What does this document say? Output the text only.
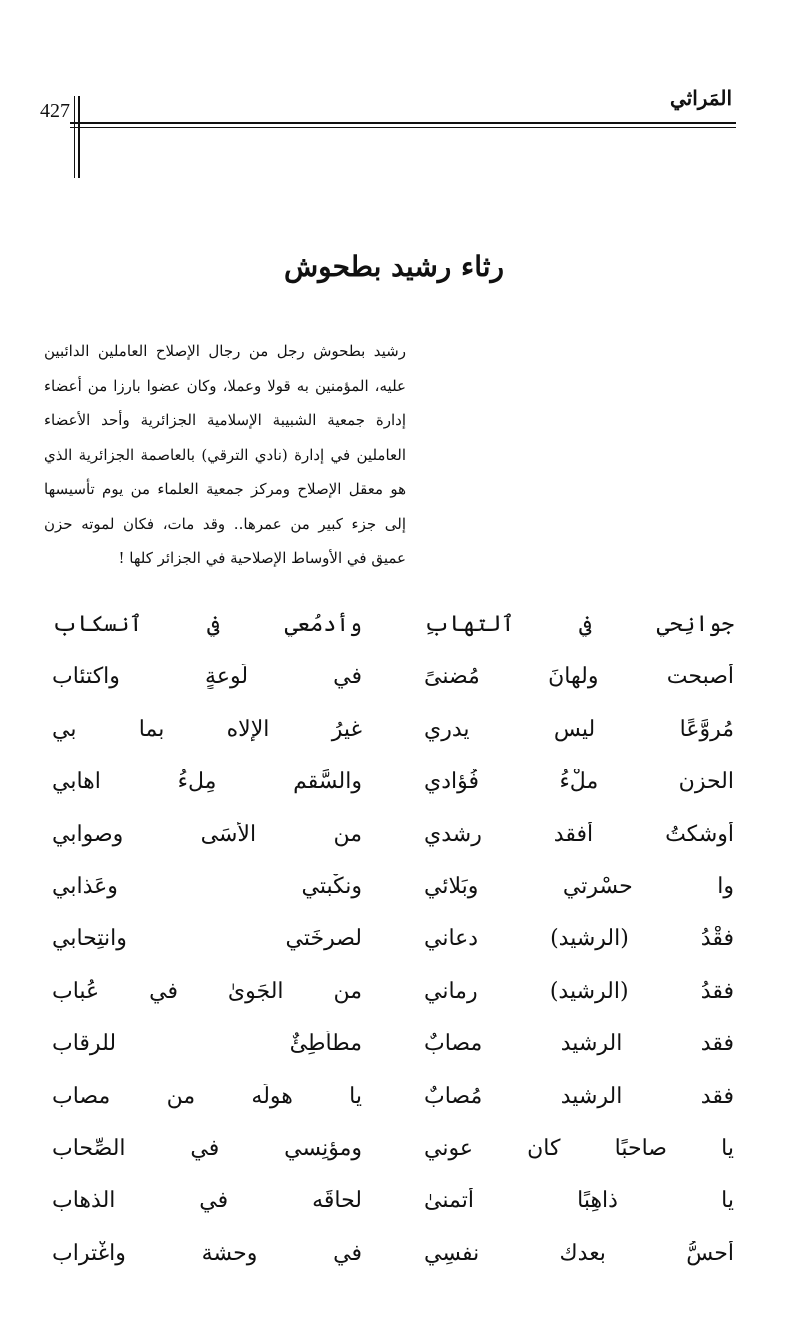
المَراثي
427
رثاء رشيد بطحوش
رشيد بطحوش رجل من رجال الإصلاح العاملين الدائبين
عليه، المؤمنين به قولا وعملا، وكان عضوا بارزا من أعضاء
إدارة جمعية الشبيبة الإسلامية الجزائرية وأحد الأعضاء
العاملين في إدارة (نادي الترقي) بالعاصمة الجزائرية الذي
هو معقل الإصلاح ومركز جمعية العلماء من يوم تأسيسها
إلى جزء كبير من عمرها.. وقد مات، فكان لموته حزن
عميق في الأوساط الإصلاحية في الجزائر كلها !
جوانِحي في ٱلتهابِ
وأدمُعي في ٱنسكاب
أصبحت ولهانَ مُضنىً
في لَوعةٍ واكتئاب
مُروَّعًا ليس يدري
غيرُ الإلاه بما بي
الحزن ملْءُ فُؤادي
والسَّقم مِلءُ اهابي
أوشكتُ أفقد رشدي
من الأَسَى وصوابي
وا حسْرتي وبَلائي
ونكْبتي وعَذابي
فقْدُ (الرشيد) دعاني
لصرخَتي وانتِحابي
فقدُ (الرشيد) رماني
من الجَوىٰ في عُباب
فقد الرشيد مصابٌ
مطأطِئٌ للرقاب
فقد الرشيد مُصابٌ
يا هولَه من مصاب
يا صاحبًا كان عوني
ومؤنِسي في الصِّحاب
يا ذاهِبًا أتمنىٰ
لحاقَه في الذهاب
أحسُّ بعدك نفسِي
في وحشة واغْتراب
